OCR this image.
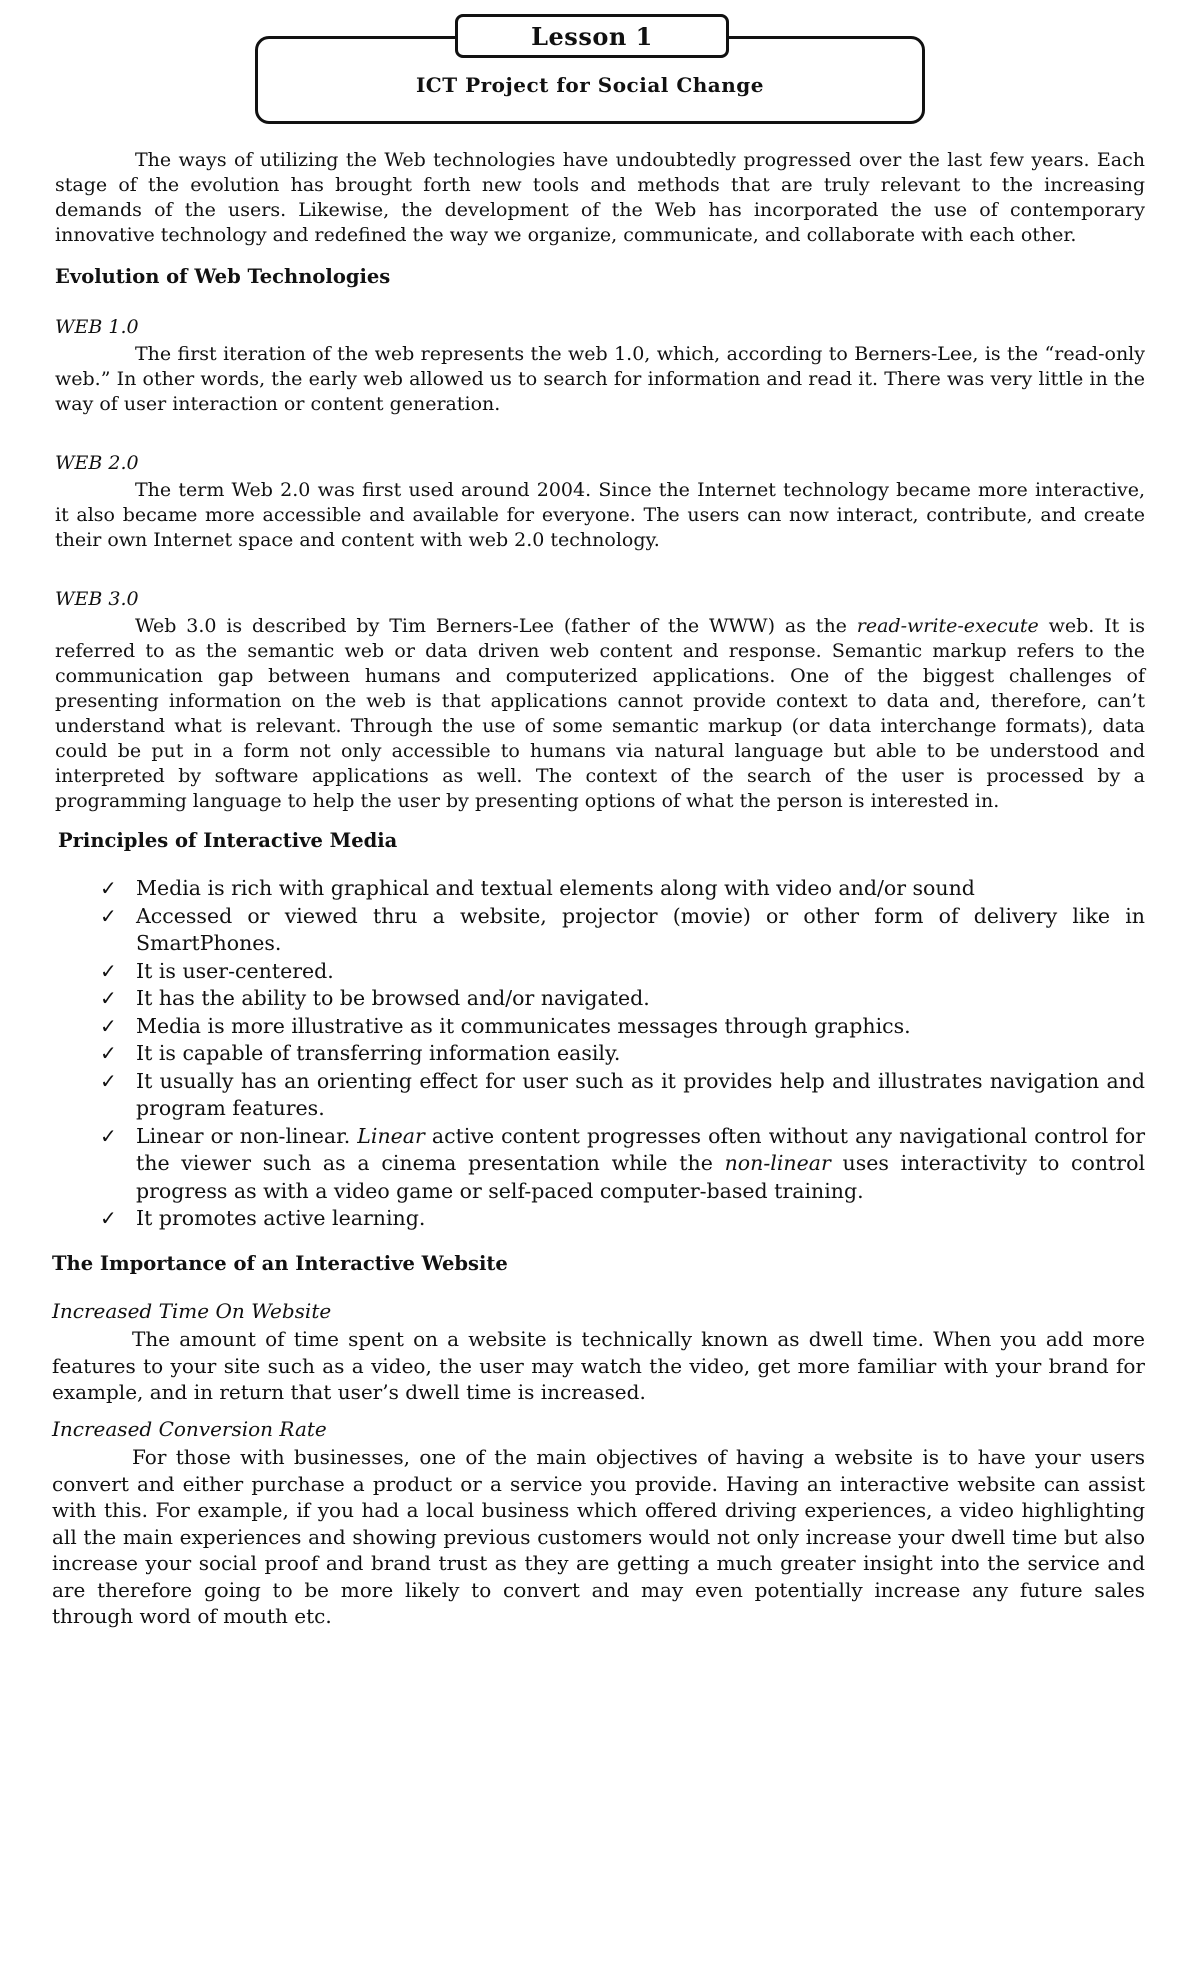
Lesson 1
ICT Project for Social Change

The ways of utilizing the Web technologies have undoubtedly progressed over the last few years. Each stage of the evolution has brought forth new tools and methods that are truly relevant to the increasing demands of the users. Likewise, the development of the Web has incorporated the use of contemporary innovative technology and redefined the way we organize, communicate, and collaborate with each other.

Evolution of Web Technologies
WEB 1.0

The first iteration of the web represents the web 1.0, which, according to Berners-Lee, is the “read-only web.” In other words, the early web allowed us to search for information and read it. There was very little in the way of user interaction or content generation.

WEB 2.0

The term Web 2.0 was first used around 2004. Since the Internet technology became more interactive, it also became more accessible and available for everyone. The users can now interact, contribute, and create their own Internet space and content with web 2.0 technology.

WEB 3.0

Web 3.0 is described by Tim Berners-Lee (father of the WWW) as the read-write-execute web. It is referred to as the semantic web or data driven web content and response. Semantic markup refers to the communication gap between humans and computerized applications. One of the biggest challenges of presenting information on the web is that applications cannot provide context to data and, therefore, can’t understand what is relevant. Through the use of some semantic markup (or data interchange formats), data could be put in a form not only accessible to humans via natural language but able to be understood and interpreted by software applications as well. The context of the search of the user is processed by a programming language to help the user by presenting options of what the person is interested in.

Principles of Interactive Media
✓ Media is rich with graphical and textual elements along with video and/or sound
✓ Accessed or viewed thru a website, projector (movie) or other form of delivery like in SmartPhones.
✓ It is user-centered.
✓ It has the ability to be browsed and/or navigated.
✓ Media is more illustrative as it communicates messages through graphics.
✓ It is capable of transferring information easily.
✓ It usually has an orienting effect for user such as it provides help and illustrates navigation and program features.
✓ Linear or non-linear. Linear active content progresses often without any navigational control for the viewer such as a cinema presentation while the non-linear uses interactivity to control progress as with a video game or self-paced computer-based training.
✓ It promotes active learning.
The Importance of an Interactive Website
Increased Time On Website

The amount of time spent on a website is technically known as dwell time. When you add more features to your site such as a video, the user may watch the video, get more familiar with your brand for example, and in return that user’s dwell time is increased.

Increased Conversion Rate

For those with businesses, one of the main objectives of having a website is to have your users convert and either purchase a product or a service you provide. Having an interactive website can assist with this. For example, if you had a local business which offered driving experiences, a video highlighting all the main experiences and showing previous customers would not only increase your dwell time but also increase your social proof and brand trust as they are getting a much greater insight into the service and are therefore going to be more likely to convert and may even potentially increase any future sales through word of mouth etc.
